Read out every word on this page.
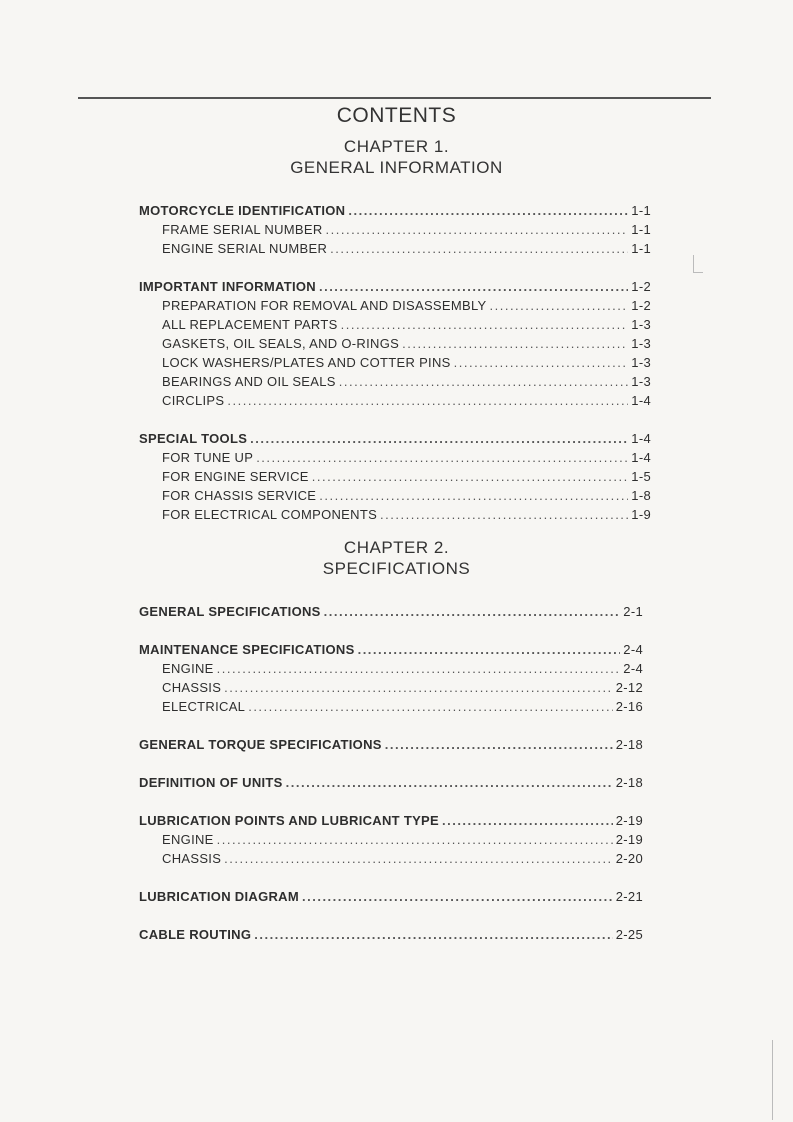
CONTENTS
CHAPTER 1.
GENERAL INFORMATION
CHAPTER 2.
SPECIFICATIONS
MOTORCYCLE IDENTIFICATION .....	1-1
FRAME SERIAL NUMBER .....	1-1
ENGINE SERIAL NUMBER .....	1-1
IMPORTANT INFORMATION .....	1-2
PREPARATION FOR REMOVAL AND DISASSEMBLY .....	1-2
ALL REPLACEMENT PARTS .....	1-3
GASKETS, OIL SEALS, AND O-RINGS .....	1-3
LOCK WASHERS/PLATES AND COTTER PINS .....	1-3
BEARINGS AND OIL SEALS .....	1-3
CIRCLIPS .....	1-4
SPECIAL TOOLS .....	1-4
FOR TUNE UP .....	1-4
FOR ENGINE SERVICE .....	1-5
FOR CHASSIS SERVICE .....	1-8
FOR ELECTRICAL COMPONENTS .....	1-9
GENERAL SPECIFICATIONS .....	2-1
MAINTENANCE SPECIFICATIONS .....	2-4
ENGINE .....	2-4
CHASSIS .....	2-12
ELECTRICAL .....	2-16
GENERAL TORQUE SPECIFICATIONS .....	2-18
DEFINITION OF UNITS .....	2-18
LUBRICATION POINTS AND LUBRICANT TYPE .....	2-19
ENGINE .....	2-19
CHASSIS .....	2-20
LUBRICATION DIAGRAM .....	2-21
CABLE ROUTING .....	2-25
